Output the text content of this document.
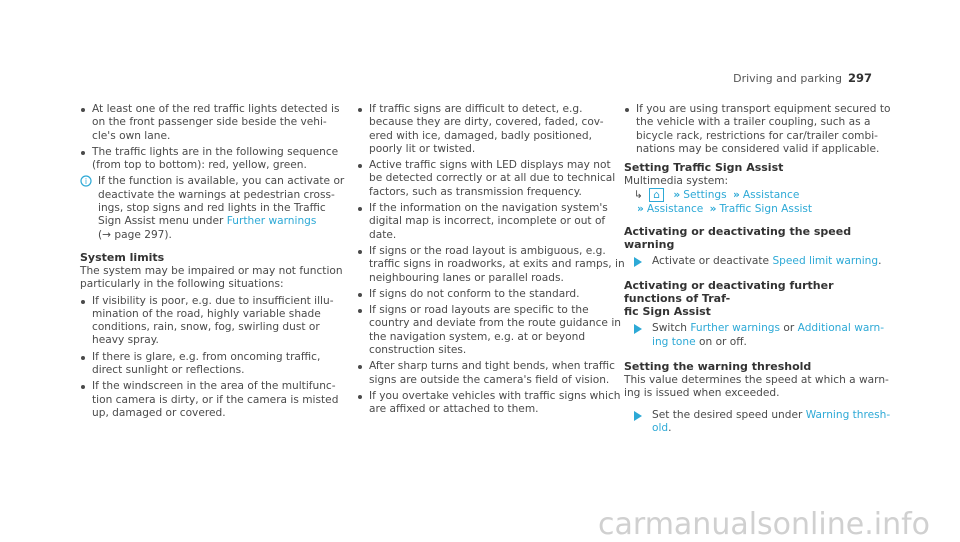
Driving and parking 297
At least one of the red traffic lights detected is on the front passenger side beside the vehi- cle's own lane.
The traffic lights are in the following sequence (from top to bottom): red, yellow, green.
i If the function is available, you can activate or deactivate the warnings at pedestrian cross- ings, stop signs and red lights in the Traffic Sign Assist menu under Further warnings
(→ page 297).
System limits
The system may be impaired or may not function particularly in the following situations:
If visibility is poor, e.g. due to insufficient illu- mination of the road, highly variable shade conditions, rain, snow, fog, swirling dust or heavy spray.
If there is glare, e.g. from oncoming traffic, direct sunlight or reflections.
If the windscreen in the area of the multifunc- tion camera is dirty, or if the camera is misted up, damaged or covered.
If traffic signs are difficult to detect, e.g. because they are dirty, covered, faded, cov- ered with ice, damaged, badly positioned, poorly lit or twisted.
Active traffic signs with LED displays may not be detected correctly or at all due to technical factors, such as transmission frequency.
If the information on the navigation system's digital map is incorrect, incomplete or out of date.
If signs or the road layout is ambiguous, e.g. traffic signs in roadworks, at exits and ramps, in neighbouring lanes or parallel roads.
If signs do not conform to the standard.
If signs or road layouts are specific to the country and deviate from the route guidance in the navigation system, e.g. at or beyond construction sites.
After sharp turns and tight bends, when traffic signs are outside the camera's field of vision.
If you overtake vehicles with traffic signs which are affixed or attached to them.
If you are using transport equipment secured to the vehicle with a trailer coupling, such as a bicycle rack, restrictions for car/trailer combi- nations may be considered valid if applicable.
Setting Traffic Sign Assist
Multimedia system:
↳ ⌂ » Settings » Assistance
» Assistance » Traffic Sign Assist
Activating or deactivating the speed warning
Activate or deactivate Speed limit warning.
Activating or deactivating further functions of Traf-
fic Sign Assist
Switch Further warnings or Additional warn- ing tone on or off.
Setting the warning threshold
This value determines the speed at which a warn- ing is issued when exceeded.
Set the desired speed under Warning thresh- old.
carmanualsonline.info
